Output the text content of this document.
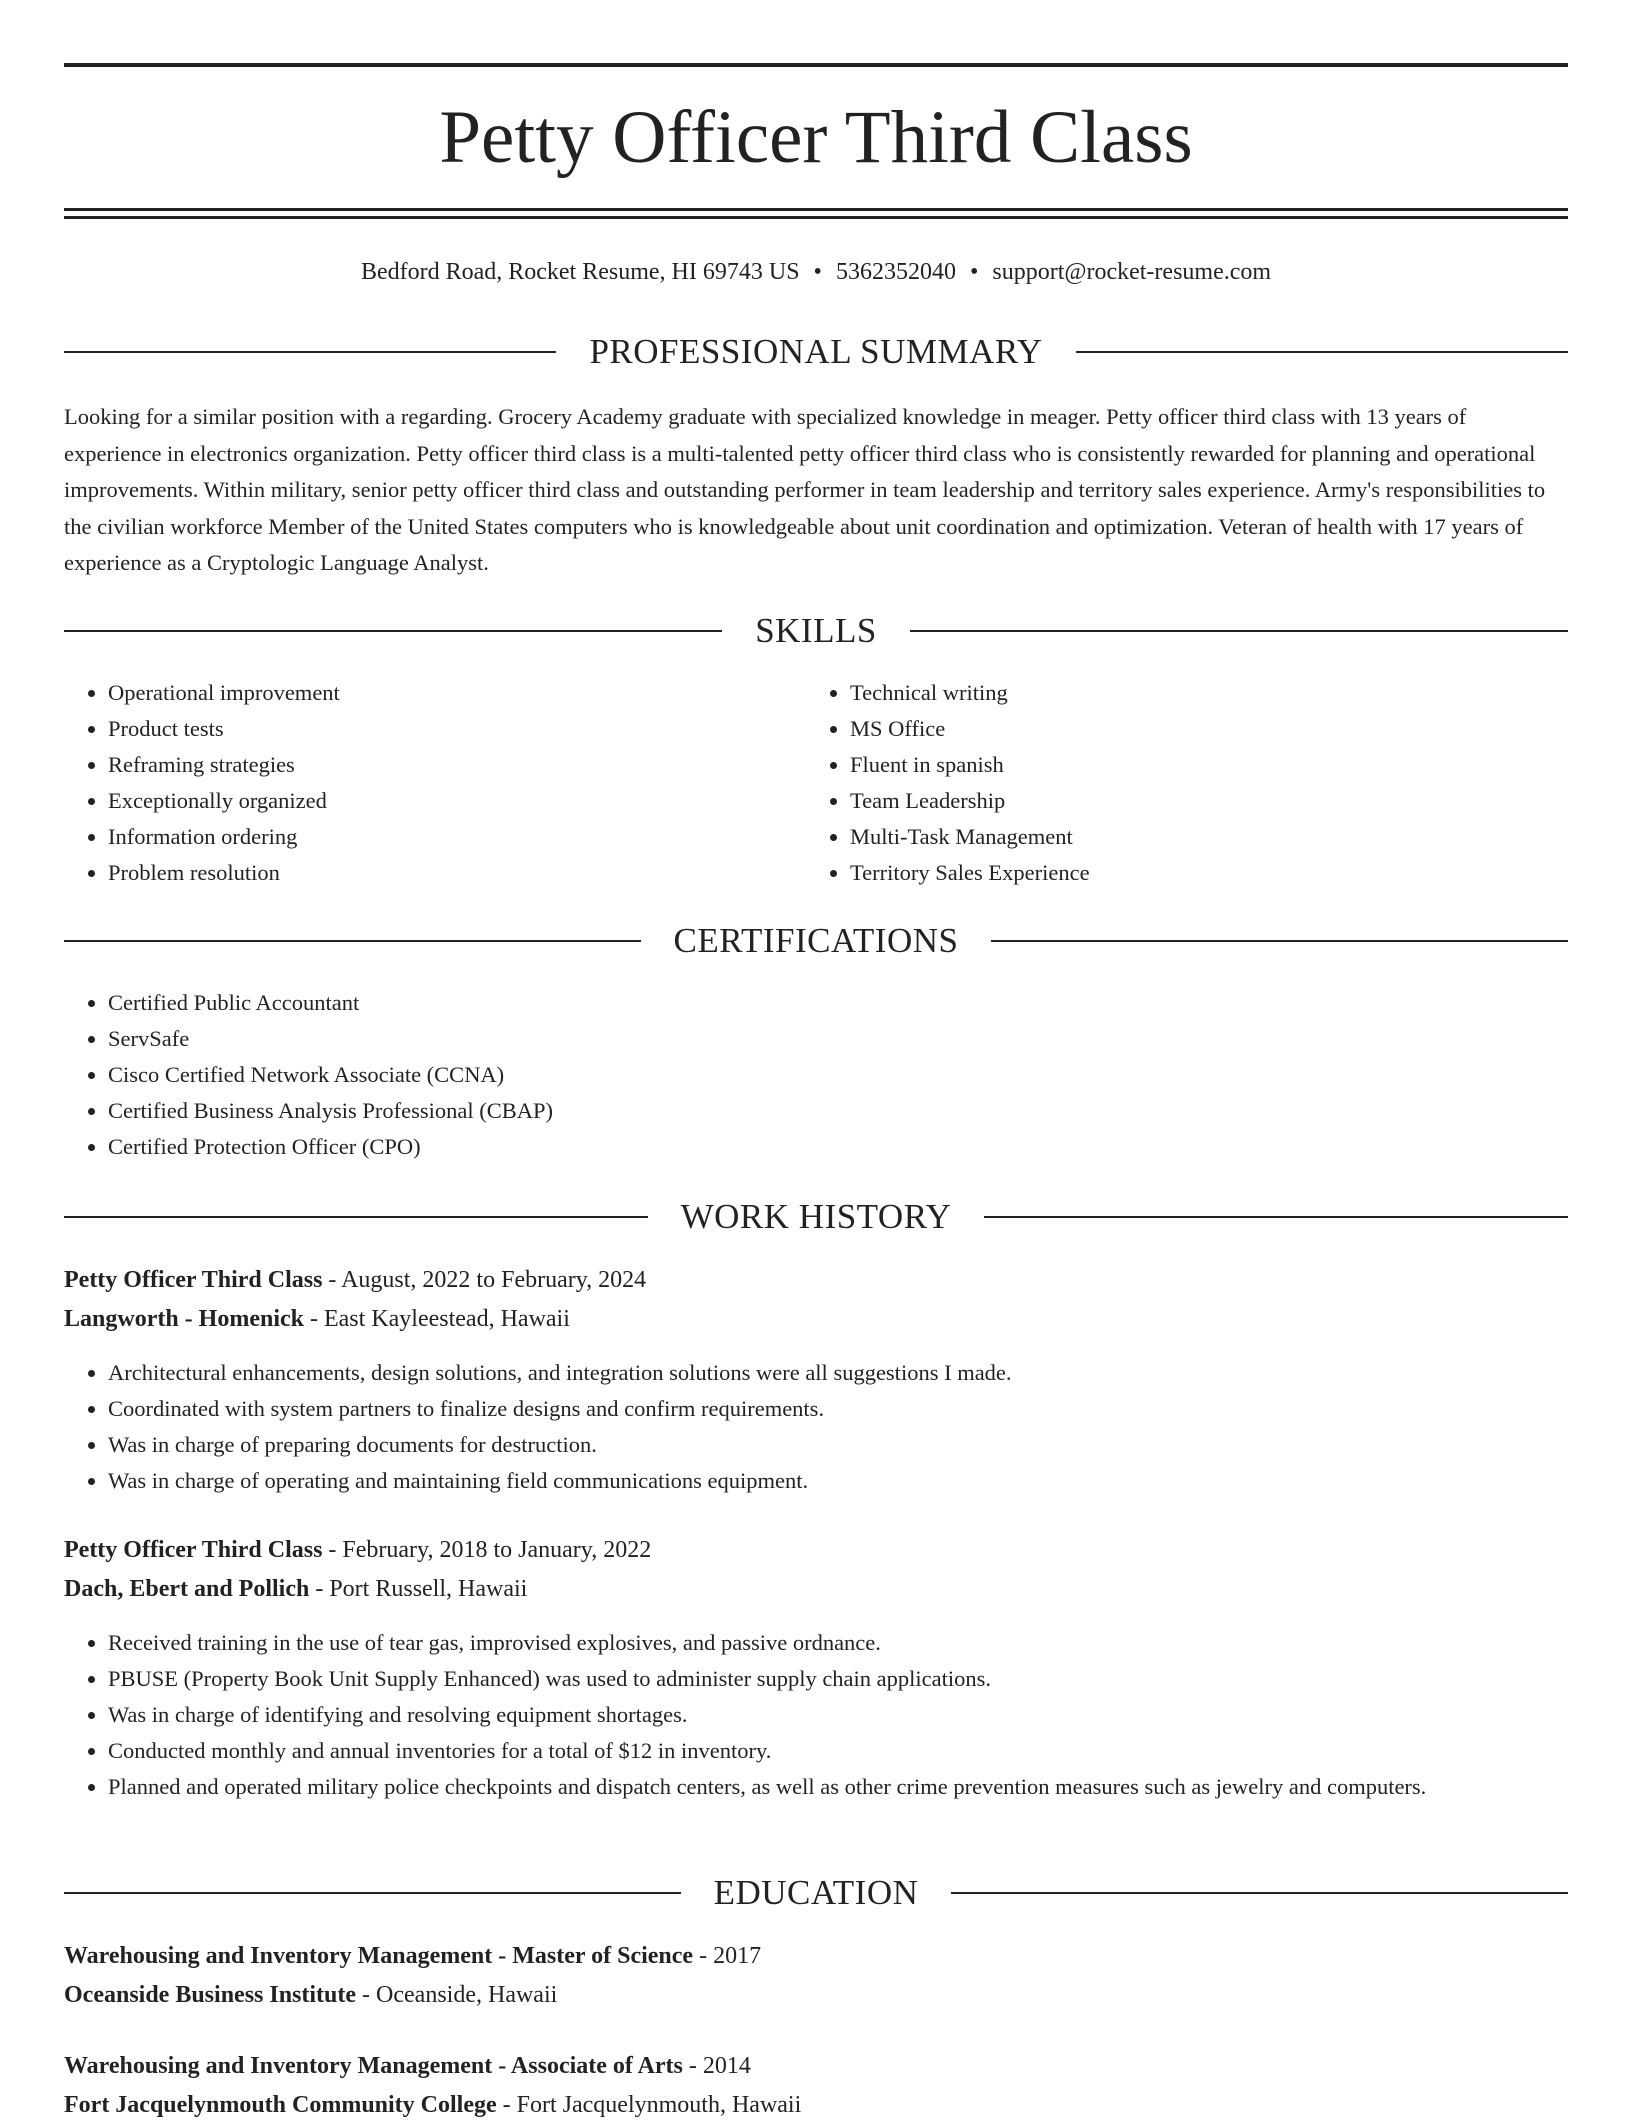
Petty Officer Third Class
Bedford Road, Rocket Resume, HI 69743 US • 5362352040 • support@rocket-resume.com
PROFESSIONAL SUMMARY

Looking for a similar position with a regarding. Grocery Academy graduate with specialized knowledge in meager. Petty officer third class with 13 years of experience in electronics organization. Petty officer third class is a multi-talented petty officer third class who is consistently rewarded for planning and operational improvements. Within military, senior petty officer third class and outstanding performer in team leadership and territory sales experience. Army's responsibilities to the civilian workforce Member of the United States computers who is knowledgeable about unit coordination and optimization. Veteran of health with 17 years of experience as a Cryptologic Language Analyst.

SKILLS
• Operational improvement
• Product tests
• Reframing strategies
• Exceptionally organized
• Information ordering
• Problem resolution
• Technical writing
• MS Office
• Fluent in spanish
• Team Leadership
• Multi-Task Management
• Territory Sales Experience
CERTIFICATIONS
• Certified Public Accountant
• ServSafe
• Cisco Certified Network Associate (CCNA)
• Certified Business Analysis Professional (CBAP)
• Certified Protection Officer (CPO)
WORK HISTORY

Petty Officer Third Class - August, 2022 to February, 2024

Langworth - Homenick - East Kayleestead, Hawaii

• Architectural enhancements, design solutions, and integration solutions were all suggestions I made.
• Coordinated with system partners to finalize designs and confirm requirements.
• Was in charge of preparing documents for destruction.
• Was in charge of operating and maintaining field communications equipment.

Petty Officer Third Class - February, 2018 to January, 2022

Dach, Ebert and Pollich - Port Russell, Hawaii

• Received training in the use of tear gas, improvised explosives, and passive ordnance.
• PBUSE (Property Book Unit Supply Enhanced) was used to administer supply chain applications.
• Was in charge of identifying and resolving equipment shortages.
• Conducted monthly and annual inventories for a total of $12 in inventory.
• Planned and operated military police checkpoints and dispatch centers, as well as other crime prevention measures such as jewelry and computers.
EDUCATION

Warehousing and Inventory Management - Master of Science - 2017

Oceanside Business Institute - Oceanside, Hawaii

Warehousing and Inventory Management - Associate of Arts - 2014

Fort Jacquelynmouth Community College - Fort Jacquelynmouth, Hawaii
